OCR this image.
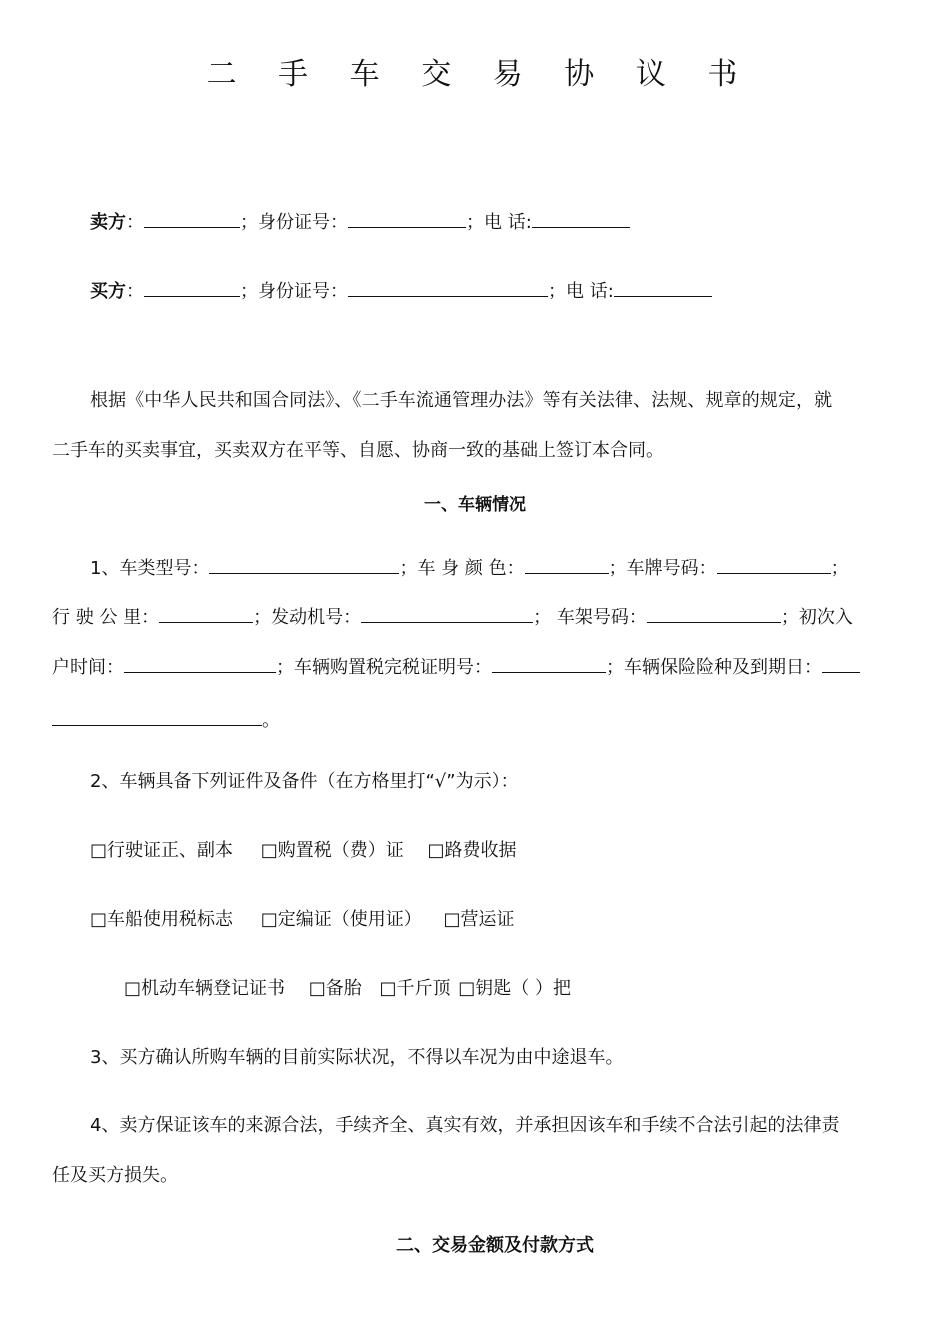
二 手 车 交 易 协 议 书
卖方：	；身份证号：	；电 话:
买方：	；身份证号：	；电 话:
根据《中华人民共和国合同法》、《二手车流通管理办法》等有关法律、法规、规章的规定，就
二手车的买卖事宜，买卖双方在平等、自愿、协商一致的基础上签订本合同。
一、车辆情况
1、车类型号：	；车 身 颜 色：	；车牌号码：	；
行 驶 公 里：	；发动机号：	； 车架号码：	；初次入
户时间：	；车辆购置税完税证明号：	；车辆保险险种及到期日：
。
2、车辆具备下列证件及备件（在方格里打“√”为示）：
□行驶证正、副本 □购置税（费）证 □路费收据
□车船使用税标志 □定编证（使用证） □营运证
□机动车辆登记证书 □备胎 □千斤顶 □钥匙（ ）把
3、买方确认所购车辆的目前实际状况，不得以车况为由中途退车。
4、卖方保证该车的来源合法，手续齐全、真实有效，并承担因该车和手续不合法引起的法律责
任及买方损失。
二、交易金额及付款方式
